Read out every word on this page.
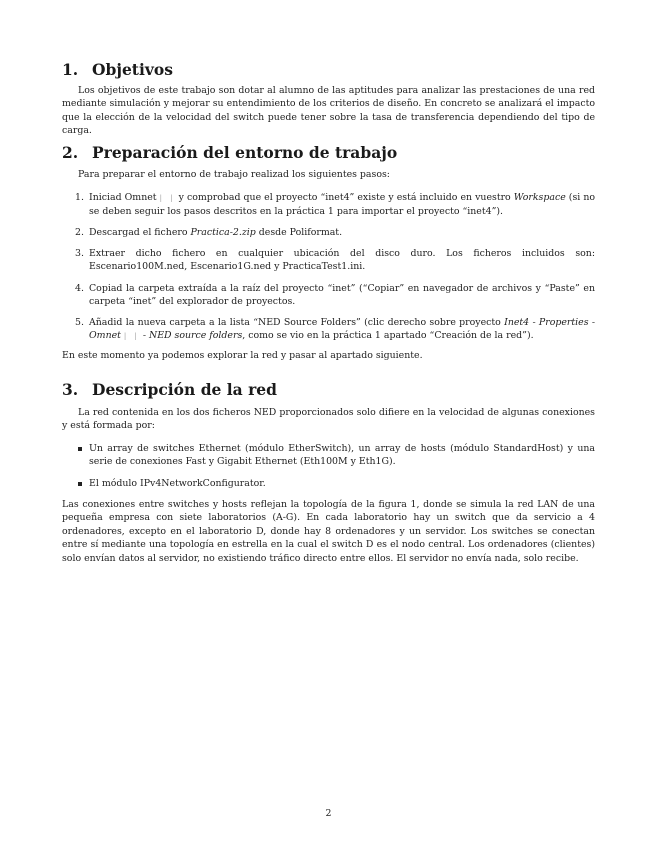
1. Objetivos

Los objetivos de este trabajo son dotar al alumno de las aptitudes para analizar las prestaciones de una red mediante simulación y mejorar su entendimiento de los criterios de diseño. En concreto se analizará el impacto que la elección de la velocidad del switch puede tener sobre la tasa de transferencia dependiendo del tipo de carga.

2. Preparación del entorno de trabajo

Para preparar el entorno de trabajo realizad los siguientes pasos:

1. Iniciad Omnet | | y comprobad que el proyecto “inet4” existe y está incluido en vuestro Workspace (si no se deben seguir los pasos descritos en la práctica 1 para importar el proyecto “inet4”).
2. Descargad el fichero Practica-2.zip desde Poliformat.
3. Extraer dicho fichero en cualquier ubicación del disco duro. Los ficheros incluidos son: Escenario100M.ned, Escenario1G.ned y PracticaTest1.ini.
4. Copiad la carpeta extraída a la raíz del proyecto “inet” (“Copiar” en navegador de archivos y “Paste” en carpeta “inet” del explorador de proyectos.
5. Añadid la nueva carpeta a la lista “NED Source Folders” (clic derecho sobre proyecto Inet4 - Properties - Omnet | | - NED source folders, como se vio en la práctica 1 apartado “Creación de la red”).

En este momento ya podemos explorar la red y pasar al apartado siguiente.

3. Descripción de la red

La red contenida en los dos ficheros NED proporcionados solo difiere en la velocidad de algunas conexiones y está formada por:

Un array de switches Ethernet (módulo EtherSwitch), un array de hosts (módulo StandardHost) y una serie de conexiones Fast y Gigabit Ethernet (Eth100M y Eth1G).
El módulo IPv4NetworkConfigurator.

Las conexiones entre switches y hosts reflejan la topología de la figura 1, donde se simula la red LAN de una pequeña empresa con siete laboratorios (A-G). En cada laboratorio hay un switch que da servicio a 4 ordenadores, excepto en el laboratorio D, donde hay 8 ordenadores y un servidor. Los switches se conectan entre sí mediante una topología en estrella en la cual el switch D es el nodo central. Los ordenadores (clientes) solo envían datos al servidor, no existiendo tráfico directo entre ellos. El servidor no envía nada, solo recibe.

2
